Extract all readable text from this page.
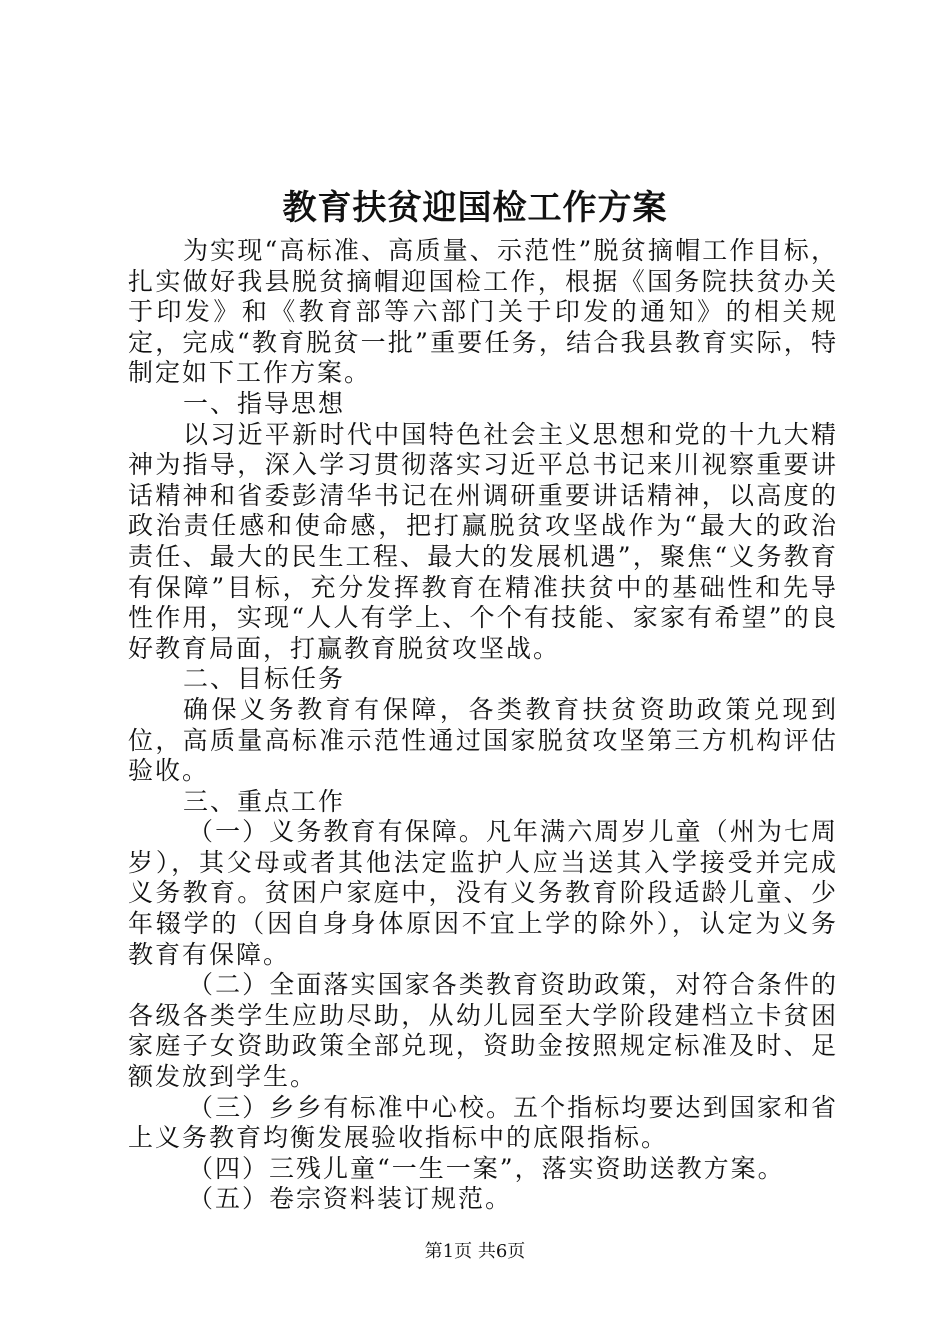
教育扶贫迎国检工作方案

为实现“高标准、高质量、示范性”脱贫摘帽工作目标，扎实做好我县脱贫摘帽迎国检工作，根据《国务院扶贫办关于印发》和《教育部等六部门关于印发的通知》的相关规定，完成“教育脱贫一批”重要任务，结合我县教育实际，特制定如下工作方案。

一、指导思想

以习近平新时代中国特色社会主义思想和党的十九大精神为指导，深入学习贯彻落实习近平总书记来川视察重要讲话精神和省委彭清华书记在州调研重要讲话精神，以高度的政治责任感和使命感，把打赢脱贫攻坚战作为“最大的政治责任、最大的民生工程、最大的发展机遇”，聚焦“义务教育有保障”目标，充分发挥教育在精准扶贫中的基础性和先导性作用，实现“人人有学上、个个有技能、家家有希望”的良好教育局面，打赢教育脱贫攻坚战。

二、目标任务

确保义务教育有保障，各类教育扶贫资助政策兑现到位，高质量高标准示范性通过国家脱贫攻坚第三方机构评估验收。

三、重点工作

（一）义务教育有保障。凡年满六周岁儿童（州为七周岁），其父母或者其他法定监护人应当送其入学接受并完成义务教育。贫困户家庭中，没有义务教育阶段适龄儿童、少年辍学的（因自身身体原因不宜上学的除外），认定为义务教育有保障。

（二）全面落实国家各类教育资助政策，对符合条件的各级各类学生应助尽助，从幼儿园至大学阶段建档立卡贫困家庭子女资助政策全部兑现，资助金按照规定标准及时、足额发放到学生。

（三）乡乡有标准中心校。五个指标均要达到国家和省上义务教育均衡发展验收指标中的底限指标。

（四）三残儿童“一生一案”，落实资助送教方案。

（五）卷宗资料装订规范。

第1页 共6页
